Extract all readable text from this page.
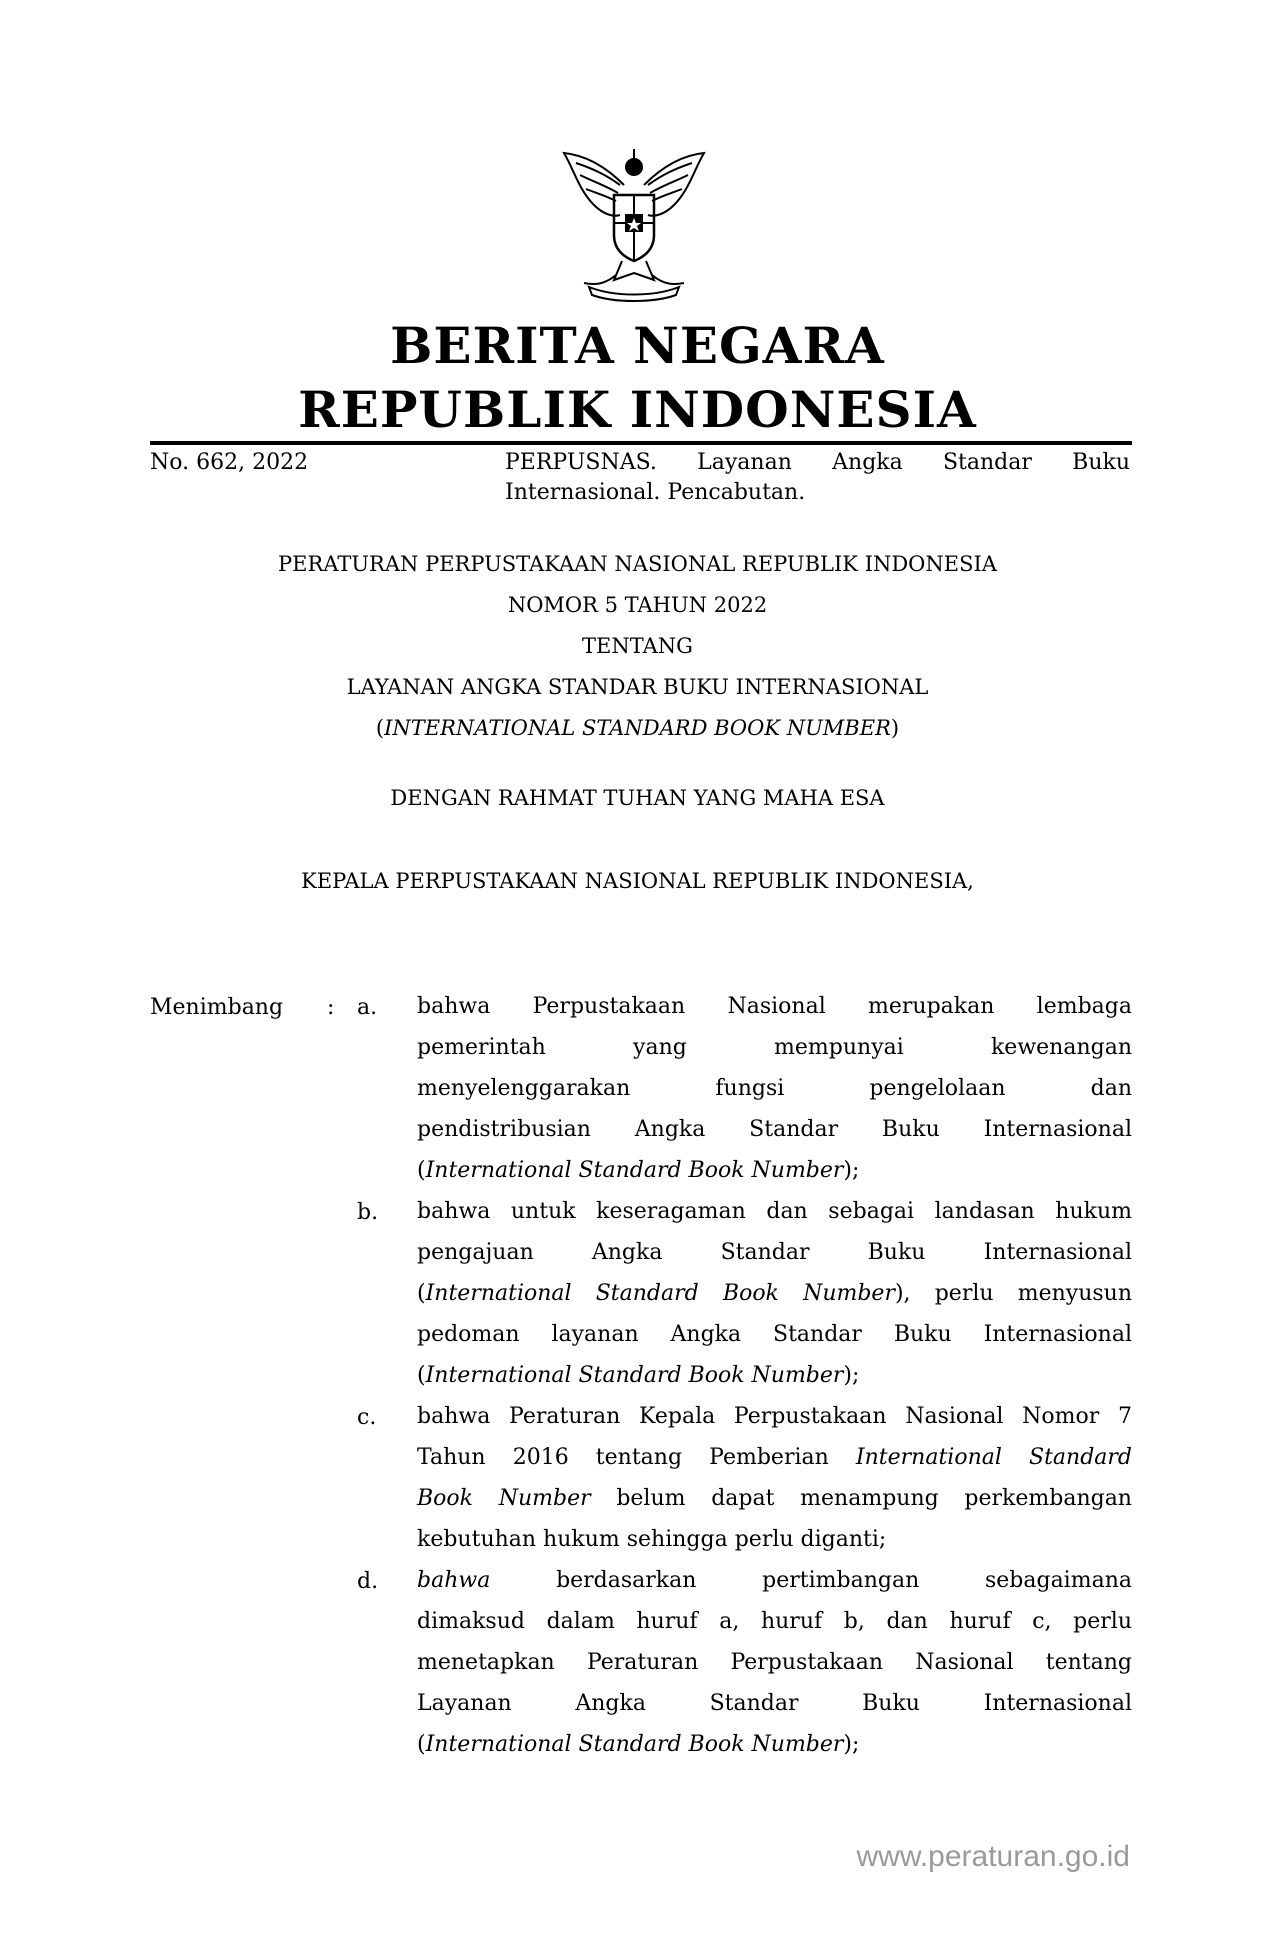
BERITA NEGARA
REPUBLIK INDONESIA
No. 662, 2022	PERPUSNAS. Layanan Angka Standar Buku
Internasional. Pencabutan.
PERATURAN PERPUSTAKAAN NASIONAL REPUBLIK INDONESIA
NOMOR 5 TAHUN 2022
TENTANG
LAYANAN ANGKA STANDAR BUKU INTERNASIONAL
(INTERNATIONAL STANDARD BOOK NUMBER)
DENGAN RAHMAT TUHAN YANG MAHA ESA
KEPALA PERPUSTAKAAN NASIONAL REPUBLIK INDONESIA,
Menimbang : a. bahwa Perpustakaan Nasional merupakan lembaga
pemerintah yang mempunyai kewenangan
menyelenggarakan fungsi pengelolaan dan
pendistribusian Angka Standar Buku Internasional
(International Standard Book Number);
b. bahwa untuk keseragaman dan sebagai landasan hukum
pengajuan Angka Standar Buku Internasional
(International Standard Book Number), perlu menyusun
pedoman layanan Angka Standar Buku Internasional
(International Standard Book Number);
c. bahwa Peraturan Kepala Perpustakaan Nasional Nomor 7
Tahun 2016 tentang Pemberian International Standard
Book Number belum dapat menampung perkembangan
kebutuhan hukum sehingga perlu diganti;
d. bahwa	berdasarkan pertimbangan sebagaimana
dimaksud dalam huruf a, huruf b, dan huruf c, perlu
menetapkan Peraturan Perpustakaan Nasional tentang
Layanan Angka Standar Buku Internasional
(International Standard Book Number);
www.peraturan.go.id
